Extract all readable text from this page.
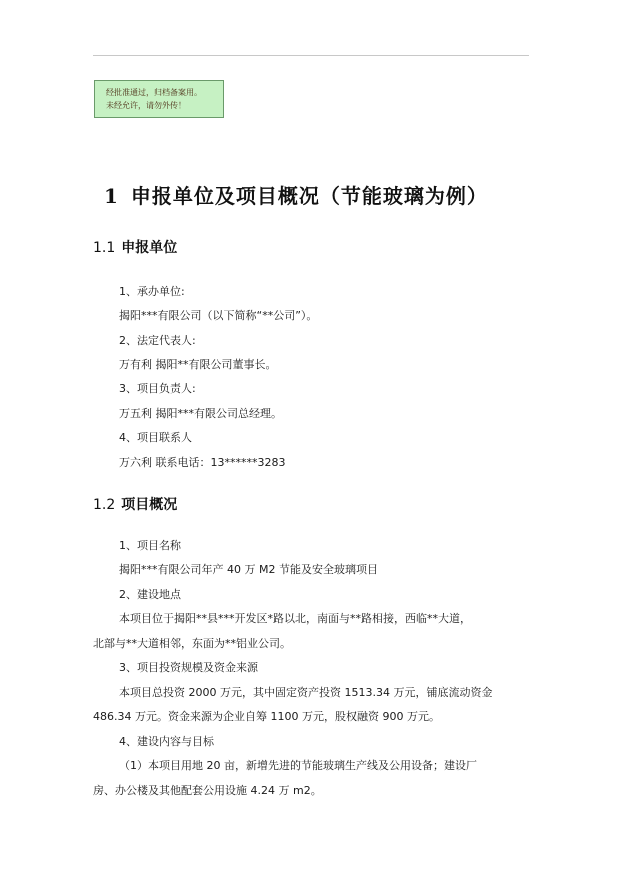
经批准通过，归档备案用。
未经允许，请勿外传！
1 申报单位及项目概况（节能玻璃为例）
1.1 申报单位
1、承办单位:
揭阳***有限公司（以下简称“**公司”）。
2、法定代表人:
万有利 揭阳**有限公司董事长。
3、项目负责人:
万五利 揭阳***有限公司总经理。
4、项目联系人
万六利 联系电话：13******3283
1.2 项目概况
1、项目名称
揭阳***有限公司年产 40 万 M2 节能及安全玻璃项目
2、建设地点
本项目位于揭阳**县***开发区*路以北，南面与**路相接，西临**大道，
北部与**大道相邻，东面为**铝业公司。
3、项目投资规模及资金来源
本项目总投资 2000 万元，其中固定资产投资 1513.34 万元，铺底流动资金
486.34 万元。资金来源为企业自筹 1100 万元，股权融资 900 万元。
4、建设内容与目标
（1）本项目用地 20 亩，新增先进的节能玻璃生产线及公用设备；建设厂
房、办公楼及其他配套公用设施 4.24 万 m2。
